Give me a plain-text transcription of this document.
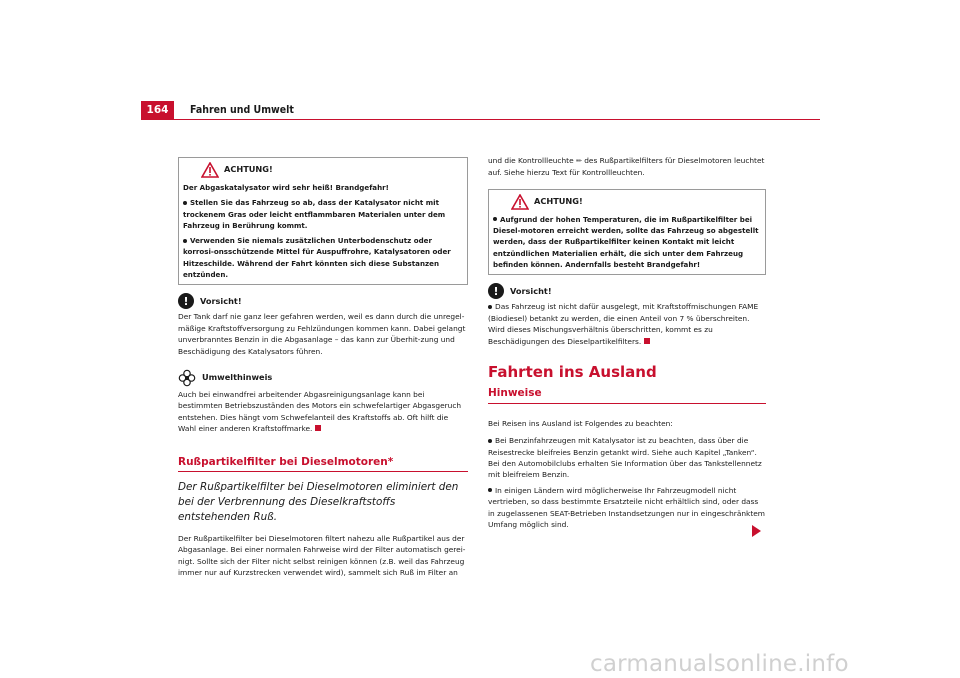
164	Fahren und Umwelt
ACHTUNG!

Der Abgaskatalysator wird sehr heiß! Brandgefahr!

Stellen Sie das Fahrzeug so ab, dass der Katalysator nicht mit trockenem Gras oder leicht entflammbaren Materialen unter dem Fahrzeug in Berührung kommt.

Verwenden Sie niemals zusätzlichen Unterbodenschutz oder korrosi-onsschützende Mittel für Auspuffrohre, Katalysatoren oder Hitzeschilde. Während der Fahrt könnten sich diese Substanzen entzünden.

!	Vorsicht!

Der Tank darf nie ganz leer gefahren werden, weil es dann durch die unregel-mäßige Kraftstoffversorgung zu Fehlzündungen kommen kann. Dabei gelangt unverbranntes Benzin in die Abgasanlage – das kann zur Überhit-zung und Beschädigung des Katalysators führen.

Umwelthinweis

Auch bei einwandfrei arbeitender Abgasreinigungsanlage kann bei bestimmten Betriebszuständen des Motors ein schwefelartiger Abgasgeruch entstehen. Dies hängt vom Schwefelanteil des Kraftstoffs ab. Oft hilft die Wahl einer anderen Kraftstoffmarke.

Rußpartikelfilter bei Dieselmotoren*

Der Rußpartikelfilter bei Dieselmotoren eliminiert den bei der Verbrennung des Dieselkraftstoffs entstehenden Ruß.

Der Rußpartikelfilter bei Dieselmotoren filtert nahezu alle Rußpartikel aus der Abgasanlage. Bei einer normalen Fahrweise wird der Filter automatisch gerei-nigt. Sollte sich der Filter nicht selbst reinigen können (z.B. weil das Fahrzeug immer nur auf Kurzstrecken verwendet wird), sammelt sich Ruß im Filter an

und die Kontrollleuchte ✏ des Rußpartikelfilters für Dieselmotoren leuchtet auf. Siehe hierzu Text für Kontrollleuchten.

ACHTUNG!

Aufgrund der hohen Temperaturen, die im Rußpartikelfilter bei Diesel-motoren erreicht werden, sollte das Fahrzeug so abgestellt werden, dass der Rußpartikelfilter keinen Kontakt mit leicht entzündlichen Materialien erhält, die sich unter dem Fahrzeug befinden können. Andernfalls besteht Brandgefahr!

!	Vorsicht!

Das Fahrzeug ist nicht dafür ausgelegt, mit Kraftstoffmischungen FAME (Biodiesel) betankt zu werden, die einen Anteil von 7 % überschreiten. Wird dieses Mischungsverhältnis überschritten, kommt es zu Beschädigungen des Dieselpartikelfilters.

Fahrten ins Ausland
Hinweise

Bei Reisen ins Ausland ist Folgendes zu beachten:

Bei Benzinfahrzeugen mit Katalysator ist zu beachten, dass über die Reisestrecke bleifreies Benzin getankt wird. Siehe auch Kapitel „Tanken“. Bei den Automobilclubs erhalten Sie Information über das Tankstellennetz mit bleifreiem Benzin.

In einigen Ländern wird möglicherweise Ihr Fahrzeugmodell nicht vertrieben, so dass bestimmte Ersatzteile nicht erhältlich sind, oder dass in zugelassenen SEAT-Betrieben Instandsetzungen nur in eingeschränktem Umfang möglich sind.

carmanualsonline.info
